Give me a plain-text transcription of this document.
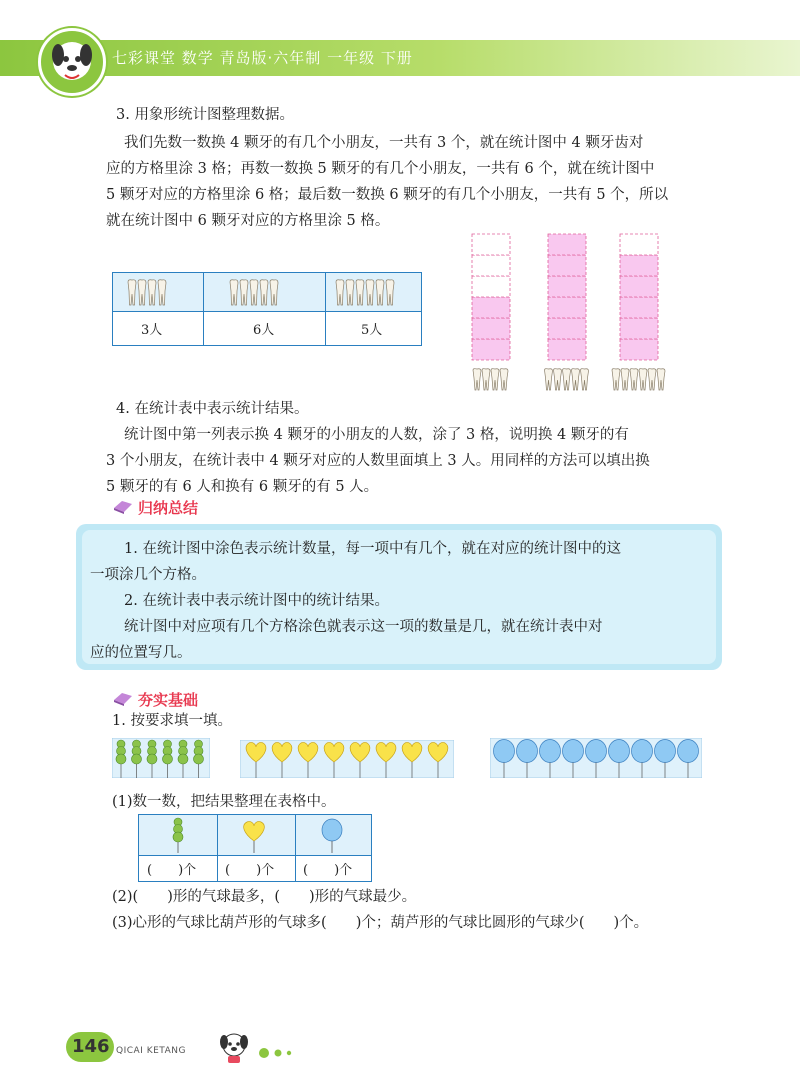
七彩课堂 数学 青岛版·六年制 一年级 下册
3. 用象形统计图整理数据。
我们先数一数换 4 颗牙的有几个小朋友，一共有 3 个，就在统计图中 4 颗牙齿对
应的方格里涂 3 格；再数一数换 5 颗牙的有几个小朋友，一共有 6 个，就在统计图中
5 颗牙对应的方格里涂 6 格；最后数一数换 6 颗牙的有几个小朋友，一共有 5 个，所以
就在统计图中 6 颗牙对应的方格里涂 5 格。
3人	6人	5人
4. 在统计表中表示统计结果。
统计图中第一列表示换 4 颗牙的小朋友的人数，涂了 3 格，说明换 4 颗牙的有
3 个小朋友，在统计表中 4 颗牙对应的人数里面填上 3 人。用同样的方法可以填出换
5 颗牙的有 6 人和换有 6 颗牙的有 5 人。
归纳总结
1. 在统计图中涂色表示统计数量，每一项中有几个，就在对应的统计图中的这
一项涂几个方格。
2. 在统计表中表示统计图中的统计结果。
统计图中对应项有几个方格涂色就表示这一项的数量是几，就在统计表中对
应的位置写几。
夯实基础
1. 按要求填一填。
(1)数一数，把结果整理在表格中。
(　　)个 (　　)个 (　　)个
(2)(　　)形的气球最多，(　　)形的气球最少。
(3)心形的气球比葫芦形的气球多(　　)个；葫芦形的气球比圆形的气球少(　　)个。
146 QICAI KETANG
